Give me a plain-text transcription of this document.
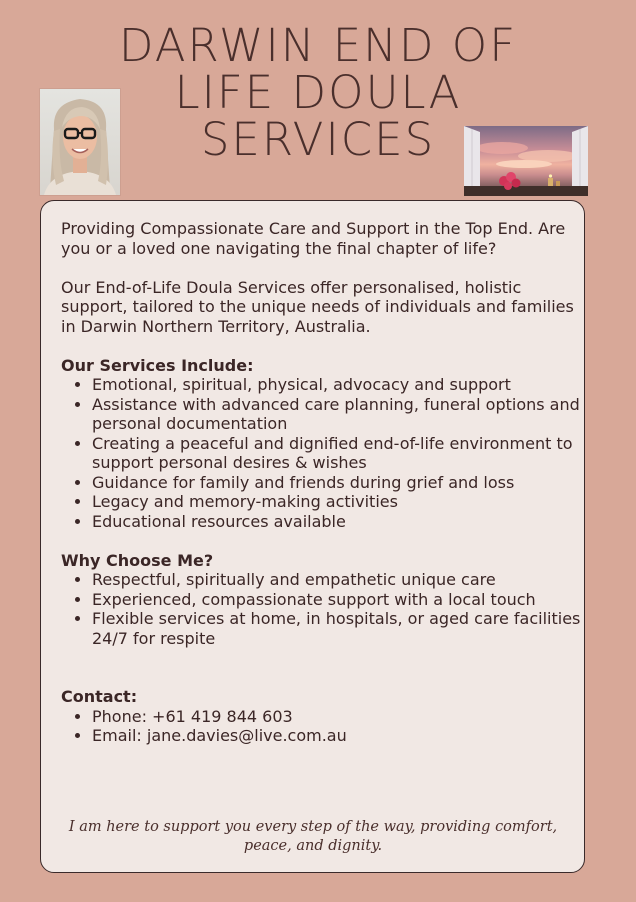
DARWIN END OF
LIFE DOULA
SERVICES

Providing Compassionate Care and Support in the Top End. Are you or a loved one navigating the final chapter of life?

Our End-of-Life Doula Services offer personalised, holistic support, tailored to the unique needs of individuals and families in Darwin Northern Territory, Australia.

Our Services Include:

• Emotional, spiritual, physical, advocacy and support
• Assistance with advanced care planning, funeral options and personal documentation
• Creating a peaceful and dignified end-of-life environment to support personal desires & wishes
• Guidance for family and friends during grief and loss
• Legacy and memory-making activities
• Educational resources available

Why Choose Me?

• Respectful, spiritually and empathetic unique care
• Experienced, compassionate support with a local touch
• Flexible services at home, in hospitals, or aged care facilities 24/7 for respite

Contact:

• Phone: +61 419 844 603
• Email: jane.davies@live.com.au
I am here to support you every step of the way, providing comfort, peace, and dignity.
